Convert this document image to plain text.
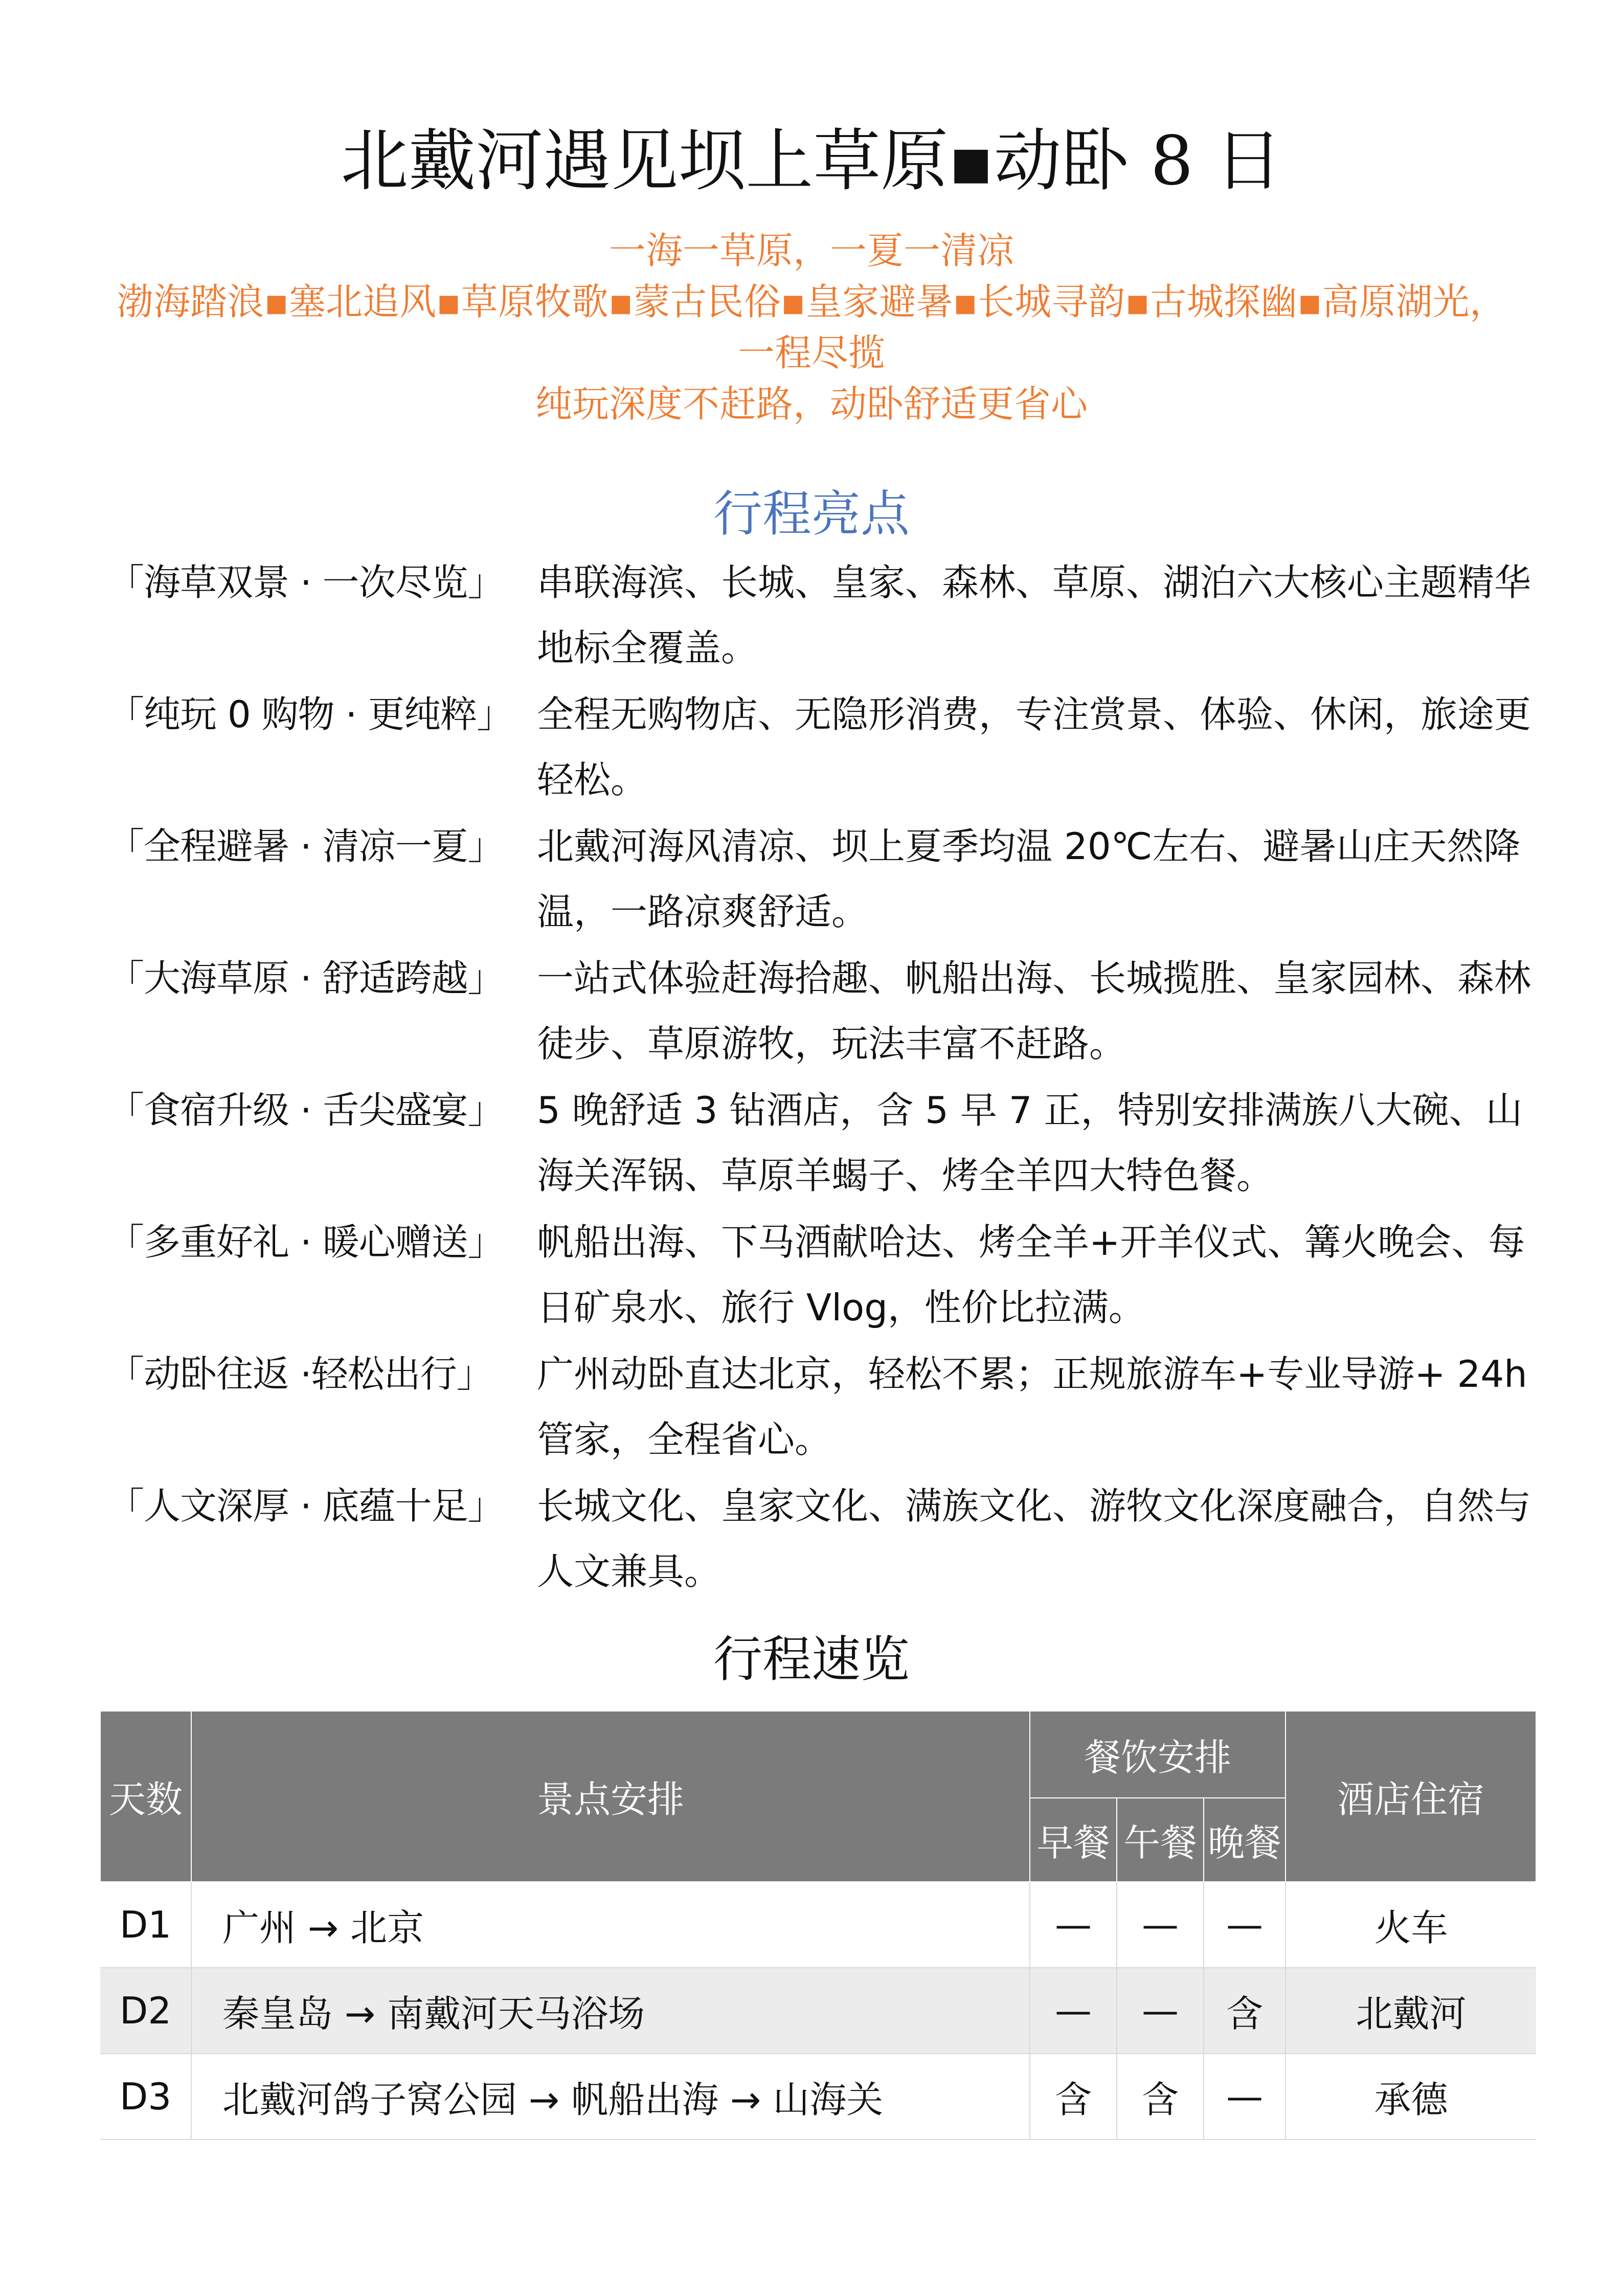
北戴河遇见坝上草原▪动卧 8 日
一海一草原，一夏一清凉
渤海踏浪▪塞北追风▪草原牧歌▪蒙古民俗▪皇家避暑▪长城寻韵▪古城探幽▪高原湖光，
一程尽揽
纯玩深度不赶路，动卧舒适更省心
行程亮点
「海草双景 · 一次尽览」 串联海滨、长城、皇家、森林、草原、湖泊六大核心主题精华地标全覆盖。
「纯玩 0 购物 · 更纯粹」 全程无购物店、无隐形消费，专注赏景、体验、休闲，旅途更轻松。
「全程避暑 · 清凉一夏」 北戴河海风清凉、坝上夏季均温 20℃左右、避暑山庄天然降温，一路凉爽舒适。
「大海草原 · 舒适跨越」 一站式体验赶海拾趣、帆船出海、长城揽胜、皇家园林、森林徒步、草原游牧，玩法丰富不赶路。
「食宿升级 · 舌尖盛宴」 5 晚舒适 3 钻酒店，含 5 早 7 正，特别安排满族八大碗、山海关浑锅、草原羊蝎子、烤全羊四大特色餐。
「多重好礼 · 暖心赠送」 帆船出海、下马酒献哈达、烤全羊+开羊仪式、篝火晚会、每日矿泉水、旅行 Vlog，性价比拉满。
「动卧往返 ·轻松出行」	广州动卧直达北京，轻松不累；正规旅游车+专业导游+ 24h 管家，全程省心。
「人文深厚 · 底蕴十足」 长城文化、皇家文化、满族文化、游牧文化深度融合，自然与人文兼具。
行程速览
天数	景点安排	餐饮安排			酒店住宿
		早餐	午餐	晚餐	
D1	广州 → 北京	—	—	—	火车
D2	秦皇岛 → 南戴河天马浴场	—	—	含	北戴河
D3	北戴河鸽子窝公园 → 帆船出海 → 山海关	含	含	—	承德
